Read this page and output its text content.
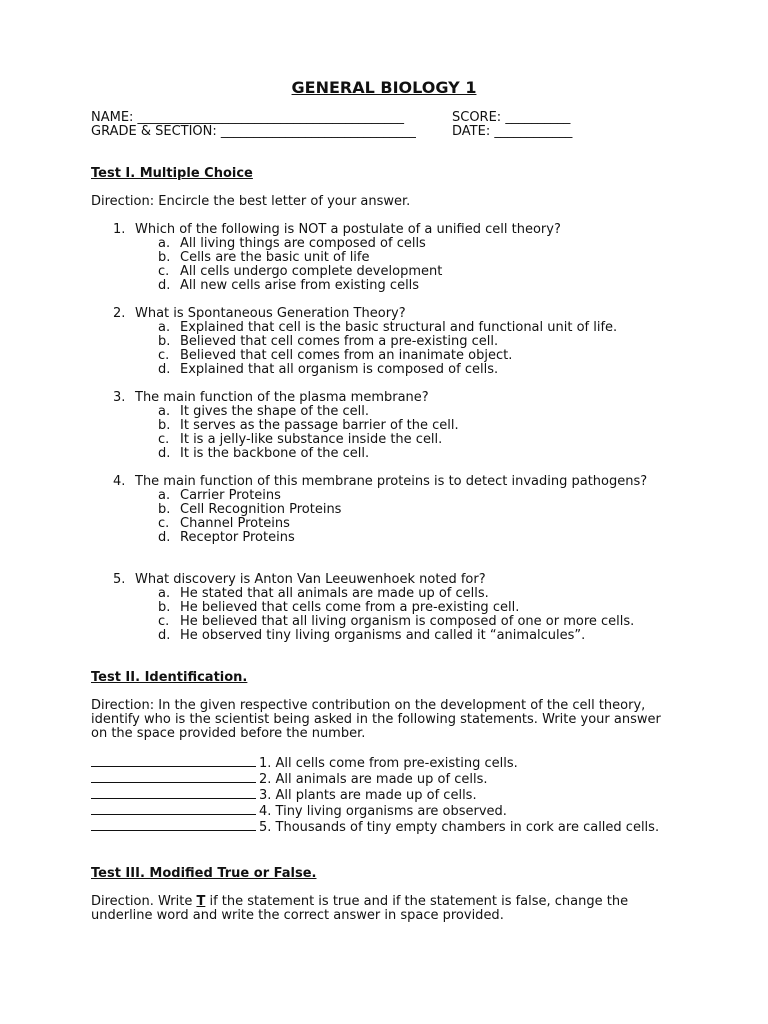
GENERAL BIOLOGY 1
NAME: _________________________________________	SCORE: __________
GRADE & SECTION: ______________________________	DATE: ____________
Test I. Multiple Choice
Direction: Encircle the best letter of your answer.
1. Which of the following is NOT a postulate of a unified cell theory?
a. All living things are composed of cells
b. Cells are the basic unit of life
c. All cells undergo complete development
d. All new cells arise from existing cells
2. What is Spontaneous Generation Theory?
a. Explained that cell is the basic structural and functional unit of life.
b. Believed that cell comes from a pre-existing cell.
c. Believed that cell comes from an inanimate object.
d. Explained that all organism is composed of cells.
3. The main function of the plasma membrane?
a. It gives the shape of the cell.
b. It serves as the passage barrier of the cell.
c. It is a jelly-like substance inside the cell.
d. It is the backbone of the cell.
4. The main function of this membrane proteins is to detect invading pathogens?
a. Carrier Proteins
b. Cell Recognition Proteins
c. Channel Proteins
d. Receptor Proteins
5. What discovery is Anton Van Leeuwenhoek noted for?
a. He stated that all animals are made up of cells.
b. He believed that cells come from a pre-existing cell.
c. He believed that all living organism is composed of one or more cells.
d. He observed tiny living organisms and called it “animalcules”.
Test II. Identification.
Direction: In the given respective contribution on the development of the cell theory, identify who is the scientist being asked in the following statements. Write your answer on the space provided before the number.
1. All cells come from pre-existing cells.
2. All animals are made up of cells.
3. All plants are made up of cells.
4. Tiny living organisms are observed.
5. Thousands of tiny empty chambers in cork are called cells.
Test III. Modified True or False.
Direction. Write T if the statement is true and if the statement is false, change the underline word and write the correct answer in space provided.
